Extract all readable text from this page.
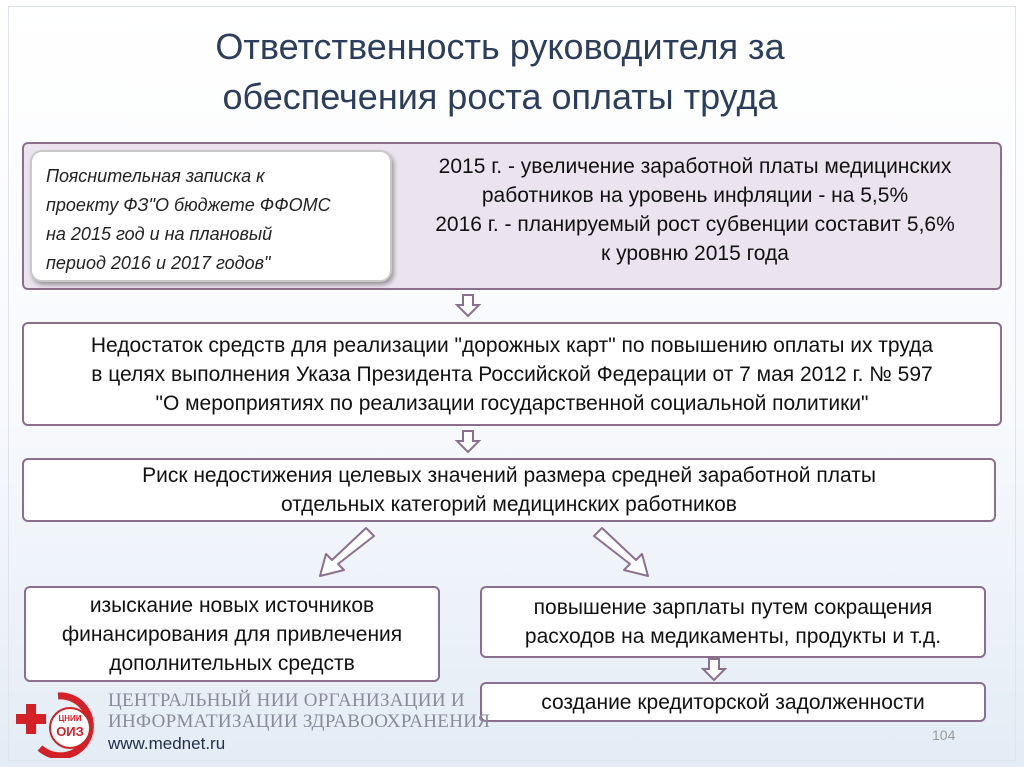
Ответственность руководителя за
обеспечения роста оплаты труда
Пояснительная записка к
проекту ФЗ"О бюджете ФФОМС
на 2015 год и на плановый
период 2016 и 2017 годов"
2015 г. - увеличение заработной платы медицинских
работников на уровень инфляции - на 5,5%
2016 г. - планируемый рост субвенции составит 5,6%
к уровню 2015 года
Недостаток средств для реализации "дорожных карт" по повышению оплаты их труда
в целях выполнения Указа Президента Российской Федерации от 7 мая 2012 г. № 597
"О мероприятиях по реализации государственной социальной политики"
Риск недостижения целевых значений размера средней заработной платы
отдельных категорий медицинских работников
изыскание новых источников
финансирования для привлечения
дополнительных средств
повышение зарплаты путем сокращения
расходов на медикаменты, продукты и т.д.
создание кредиторской задолженности
ЦНИИ
ОИЗ
ЦЕНТРАЛЬНЫЙ НИИ ОРГАНИЗАЦИИ И
ИНФОРМАТИЗАЦИИ ЗДРАВООХРАНЕНИЯ
www.mednet.ru	104
